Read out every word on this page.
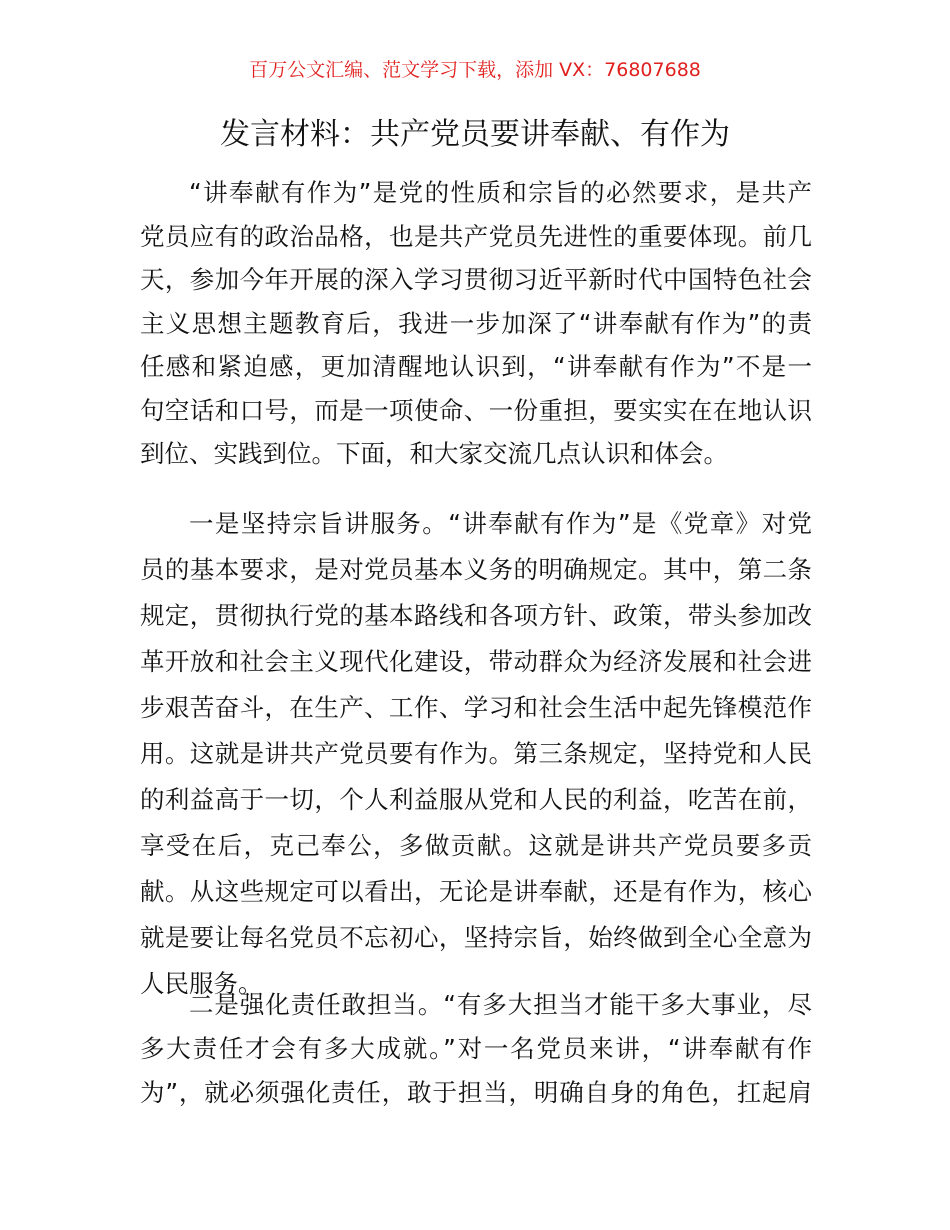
百万公文汇编、范文学习下载，添加 VX：76807688
发言材料：共产党员要讲奉献、有作为
“讲奉献有作为”是党的性质和宗旨的必然要求，是共产
党员应有的政治品格，也是共产党员先进性的重要体现。前几
天，参加今年开展的深入学习贯彻习近平新时代中国特色社会
主义思想主题教育后，我进一步加深了“讲奉献有作为”的责
任感和紧迫感，更加清醒地认识到，“讲奉献有作为”不是一
句空话和口号，而是一项使命、一份重担，要实实在在地认识
到位、实践到位。下面，和大家交流几点认识和体会。
一是坚持宗旨讲服务。“讲奉献有作为”是《党章》对党
员的基本要求，是对党员基本义务的明确规定。其中，第二条
规定，贯彻执行党的基本路线和各项方针、政策，带头参加改
革开放和社会主义现代化建设，带动群众为经济发展和社会进
步艰苦奋斗，在生产、工作、学习和社会生活中起先锋模范作
用。这就是讲共产党员要有作为。第三条规定，坚持党和人民
的利益高于一切，个人利益服从党和人民的利益，吃苦在前，
享受在后，克己奉公，多做贡献。这就是讲共产党员要多贡
献。从这些规定可以看出，无论是讲奉献，还是有作为，核心
就是要让每名党员不忘初心，坚持宗旨，始终做到全心全意为
人民服务。
二是强化责任敢担当。“有多大担当才能干多大事业，尽
多大责任才会有多大成就。”对一名党员来讲，“讲奉献有作
为”，就必须强化责任，敢于担当，明确自身的角色，扛起肩
